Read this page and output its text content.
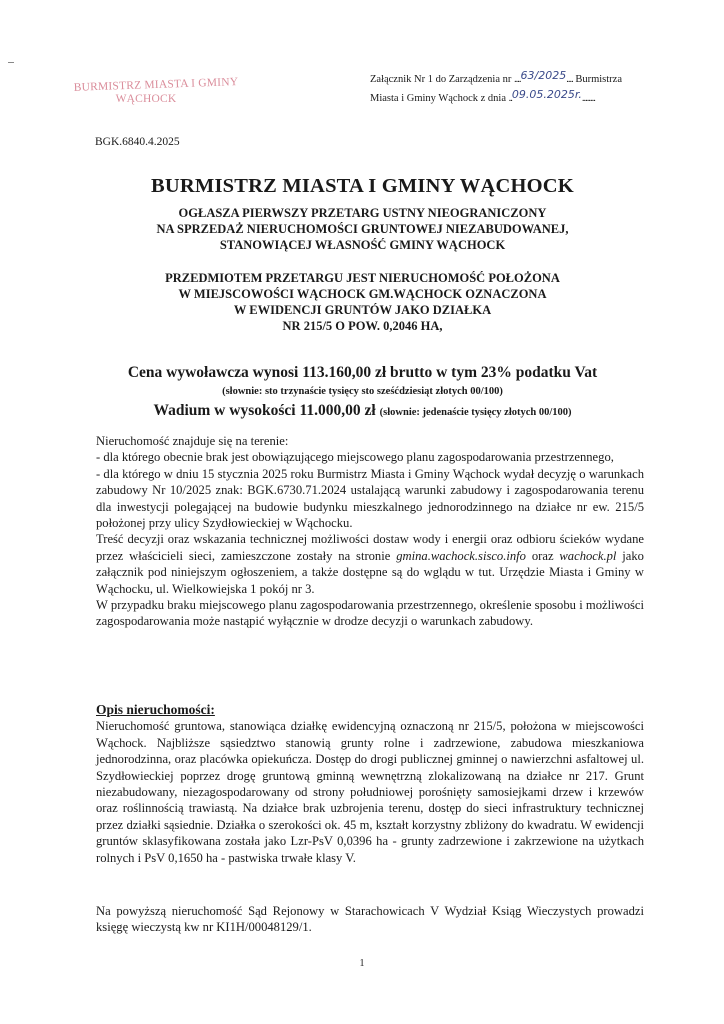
BURMISTRZ MIASTA I GMINY
WĄCHOCK
Załącznik Nr 1 do Zarządzenia nr ....63/2025.... Burmistrza
Miasta i Gminy Wąchock z dnia ..09.05.2025r.........
BGK.6840.4.2025
BURMISTRZ MIASTA I GMINY WĄCHOCK
OGŁASZA PIERWSZY PRZETARG USTNY NIEOGRANICZONY
NA SPRZEDAŻ NIERUCHOMOŚCI GRUNTOWEJ NIEZABUDOWANEJ,
STANOWIĄCEJ WŁASNOŚĆ GMINY WĄCHOCK
PRZEDMIOTEM PRZETARGU JEST NIERUCHOMOŚĆ POŁOŻONA
W MIEJSCOWOŚCI WĄCHOCK GM.WĄCHOCK OZNACZONA
W EWIDENCJI GRUNTÓW JAKO DZIAŁKA
NR 215/5 O POW. 0,2046 HA,
Cena wywoławcza wynosi 113.160,00 zł brutto w tym 23% podatku Vat
(słownie: sto trzynaście tysięcy sto sześćdziesiąt złotych 00/100)
Wadium w wysokości 11.000,00 zł (słownie: jedenaście tysięcy złotych 00/100)

Nieruchomość znajduje się na terenie:

- dla którego obecnie brak jest obowiązującego miejscowego planu zagospodarowania przestrzennego,

- dla którego w dniu 15 stycznia 2025 roku Burmistrz Miasta i Gminy Wąchock wydał decyzję o warunkach zabudowy Nr 10/2025 znak: BGK.6730.71.2024 ustalającą warunki zabudowy i zagospodarowania terenu dla inwestycji polegającej na budowie budynku mieszkalnego jednorodzinnego na działce nr ew. 215/5 położonej przy ulicy Szydłowieckiej w Wąchocku.

Treść decyzji oraz wskazania technicznej możliwości dostaw wody i energii oraz odbioru ścieków wydane przez właścicieli sieci, zamieszczone zostały na stronie gmina.wachock.sisco.info oraz wachock.pl jako załącznik pod niniejszym ogłoszeniem, a także dostępne są do wglądu w tut. Urzędzie Miasta i Gminy w Wąchocku, ul. Wielkowiejska 1 pokój nr 3.

W przypadku braku miejscowego planu zagospodarowania przestrzennego, określenie sposobu i możliwości zagospodarowania może nastąpić wyłącznie w drodze decyzji o warunkach zabudowy.

Opis nieruchomości:

Nieruchomość gruntowa, stanowiąca działkę ewidencyjną oznaczoną nr 215/5, położona w miejscowości Wąchock. Najbliższe sąsiedztwo stanowią grunty rolne i zadrzewione, zabudowa mieszkaniowa jednorodzinna, oraz placówka opiekuńcza. Dostęp do drogi publicznej gminnej o nawierzchni asfaltowej ul. Szydłowieckiej poprzez drogę gruntową gminną wewnętrzną zlokalizowaną na działce nr 217. Grunt niezabudowany, niezagospodarowany od strony południowej porośnięty samosiejkami drzew i krzewów oraz roślinnością trawiastą. Na działce brak uzbrojenia terenu, dostęp do sieci infrastruktury technicznej przez działki sąsiednie. Działka o szerokości ok. 45 m, kształt korzystny zbliżony do kwadratu. W ewidencji gruntów sklasyfikowana została jako Lzr-PsV 0,0396 ha - grunty zadrzewione i zakrzewione na użytkach rolnych i PsV 0,1650 ha - pastwiska trwałe klasy V.

Na powyższą nieruchomość Sąd Rejonowy w Starachowicach V Wydział Ksiąg Wieczystych prowadzi księgę wieczystą kw nr KI1H/00048129/1.
1
